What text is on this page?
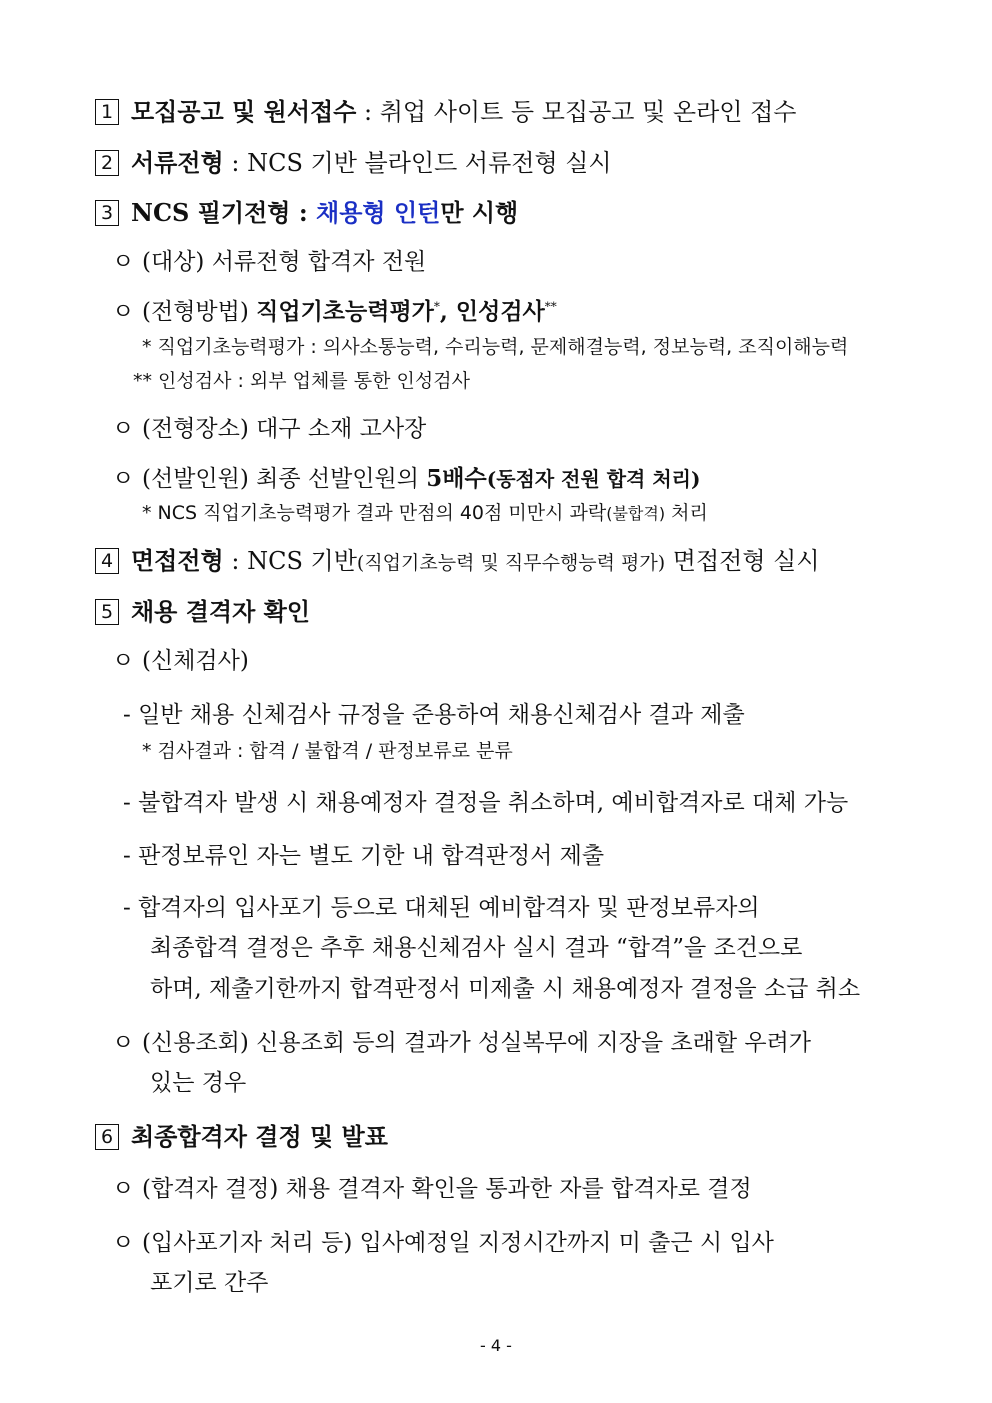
1 모집공고 및 원서접수 : 취업 사이트 등 모집공고 및 온라인 접수
2 서류전형 : NCS 기반 블라인드 서류전형 실시
3 NCS 필기전형 : 채용형 인턴만 시행
ㅇ (대상) 서류전형 합격자 전원
ㅇ (전형방법) 직업기초능력평가*, 인성검사**
* 직업기초능력평가 : 의사소통능력, 수리능력, 문제해결능력, 정보능력, 조직이해능력
** 인성검사 : 외부 업체를 통한 인성검사
ㅇ (전형장소) 대구 소재 고사장
ㅇ (선발인원) 최종 선발인원의 5배수(동점자 전원 합격 처리)
* NCS 직업기초능력평가 결과 만점의 40점 미만시 과락(불합격) 처리
4 면접전형 : NCS 기반(직업기초능력 및 직무수행능력 평가) 면접전형 실시
5 채용 결격자 확인
ㅇ (신체검사)
- 일반 채용 신체검사 규정을 준용하여 채용신체검사 결과 제출
* 검사결과 : 합격 / 불합격 / 판정보류로 분류
- 불합격자 발생 시 채용예정자 결정을 취소하며, 예비합격자로 대체 가능
- 판정보류인 자는 별도 기한 내 합격판정서 제출
- 합격자의 입사포기 등으로 대체된 예비합격자 및 판정보류자의
최종합격 결정은 추후 채용신체검사 실시 결과 “합격”을 조건으로
하며, 제출기한까지 합격판정서 미제출 시 채용예정자 결정을 소급 취소
ㅇ (신용조회) 신용조회 등의 결과가 성실복무에 지장을 초래할 우려가
있는 경우
6 최종합격자 결정 및 발표
ㅇ (합격자 결정) 채용 결격자 확인을 통과한 자를 합격자로 결정
ㅇ (입사포기자 처리 등) 입사예정일 지정시간까지 미 출근 시 입사
포기로 간주
- 4 -
